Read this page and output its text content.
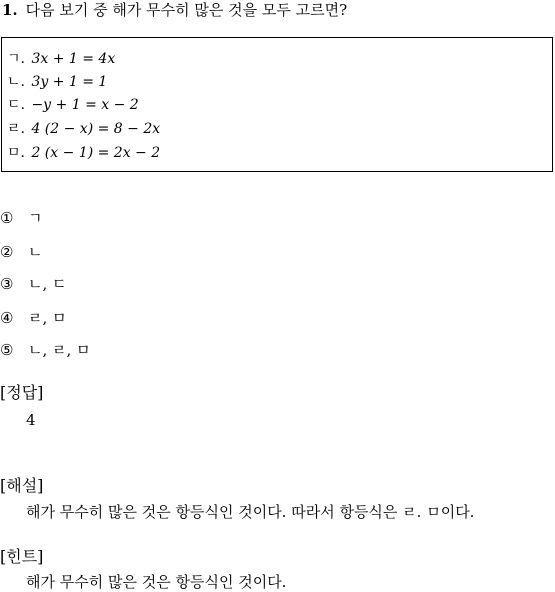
1. 다음 보기 중 해가 무수히 많은 것을 모두 고르면?
ㄱ. 3x + 1 = 4x
ㄴ. 3y + 1 = 1
ㄷ. −y + 1 = x − 2
ㄹ. 4 (2 − x) = 8 − 2x
ㅁ. 2 (x − 1) = 2x − 2
① ㄱ
② ㄴ
③ ㄴ, ㄷ
④ ㄹ, ㅁ
⑤ ㄴ, ㄹ, ㅁ
[정답]
4
[해설]
해가 무수히 많은 것은 항등식인 것이다. 따라서 항등식은 ㄹ. ㅁ이다.
[힌트]
해가 무수히 많은 것은 항등식인 것이다.
